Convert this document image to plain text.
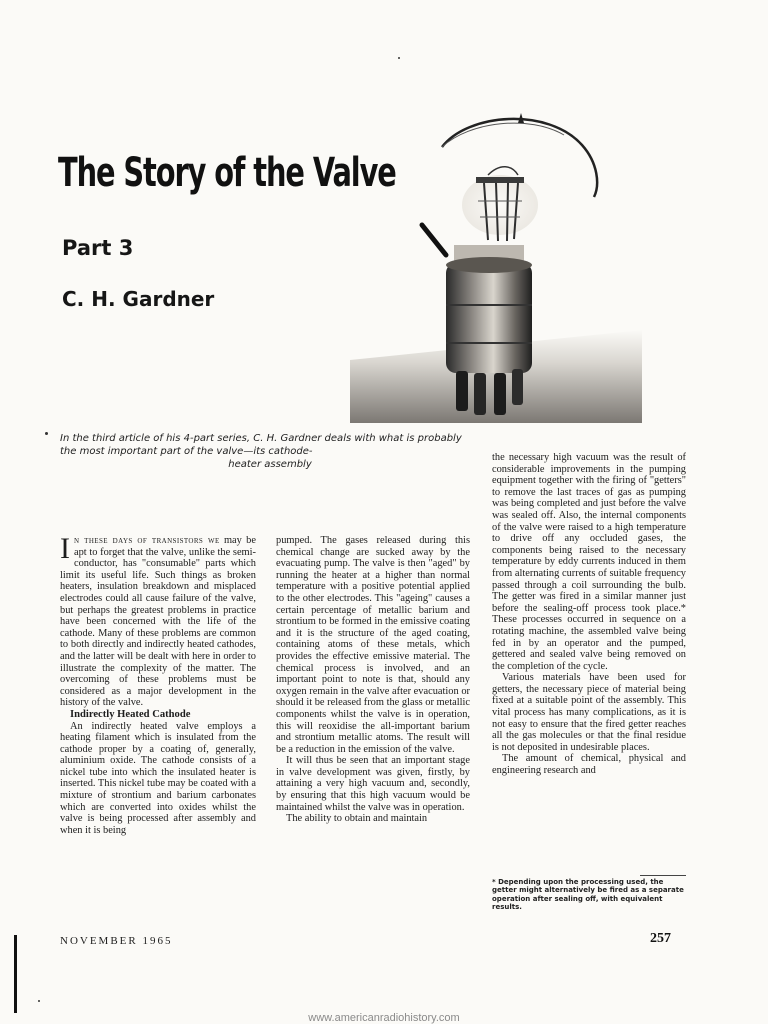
The Story of the Valve
Part 3
C. H. Gardner
In the third article of his 4-part series, C. H. Gardner deals with what is probably the most important part of the valve—its cathode-
heater assembly

In these days of transistors we may be apt to forget that the valve, unlike the semi-conductor, has "consumable" parts which limit its useful life. Such things as broken heaters, insulation breakdown and misplaced electrodes could all cause failure of the valve, but perhaps the greatest problems in practice have been concerned with the life of the cathode. Many of these problems are common to both directly and indirectly heated cathodes, and the latter will be dealt with here in order to illustrate the complexity of the matter. The overcoming of these problems must be considered as a major development in the history of the valve.

Indirectly Heated Cathode

An indirectly heated valve employs a heating filament which is insulated from the cathode proper by a coating of, generally, aluminium oxide. The cathode consists of a nickel tube into which the insulated heater is inserted. This nickel tube may be coated with a mixture of strontium and barium carbonates which are converted into oxides whilst the valve is being processed after assembly and when it is being

pumped. The gases released during this chemical change are sucked away by the evacuating pump. The valve is then "aged" by running the heater at a higher than normal temperature with a positive potential applied to the other electrodes. This "ageing" causes a certain percentage of metallic barium and strontium to be formed in the emissive coating and it is the structure of the aged coating, containing atoms of these metals, which provides the effective emissive material. The chemical process is involved, and an important point to note is that, should any oxygen remain in the valve after evacuation or should it be released from the glass or metallic components whilst the valve is in operation, this will reoxidise the all-important barium and strontium metallic atoms. The result will be a reduction in the emission of the valve.

It will thus be seen that an important stage in valve development was given, firstly, by attaining a very high vacuum and, secondly, by ensuring that this high vacuum would be maintained whilst the valve was in operation.

The ability to obtain and maintain

the necessary high vacuum was the result of considerable improvements in the pumping equipment together with the firing of "getters" to remove the last traces of gas as pumping was being completed and just before the valve was sealed off. Also, the internal components of the valve were raised to a high temperature to drive off any occluded gases, the components being raised to the necessary temperature by eddy currents induced in them from alternating currents of suitable frequency passed through a coil surrounding the bulb. The getter was fired in a similar manner just before the sealing-off process took place.* These processes occurred in sequence on a rotating machine, the assembled valve being fed in by an operator and the pumped, gettered and sealed valve being removed on the completion of the cycle.

Various materials have been used for getters, the necessary piece of material being fixed at a suitable point of the assembly. This vital process has many complications, as it is not easy to ensure that the fired getter reaches all the gas molecules or that the final residue is not deposited in undesirable places.

The amount of chemical, physical and engineering research and

* Depending upon the processing used, the getter might alternatively be fired as a separate operation after sealing off, with equivalent results.

NOVEMBER 1965	257

www.americanradiohistory.com
